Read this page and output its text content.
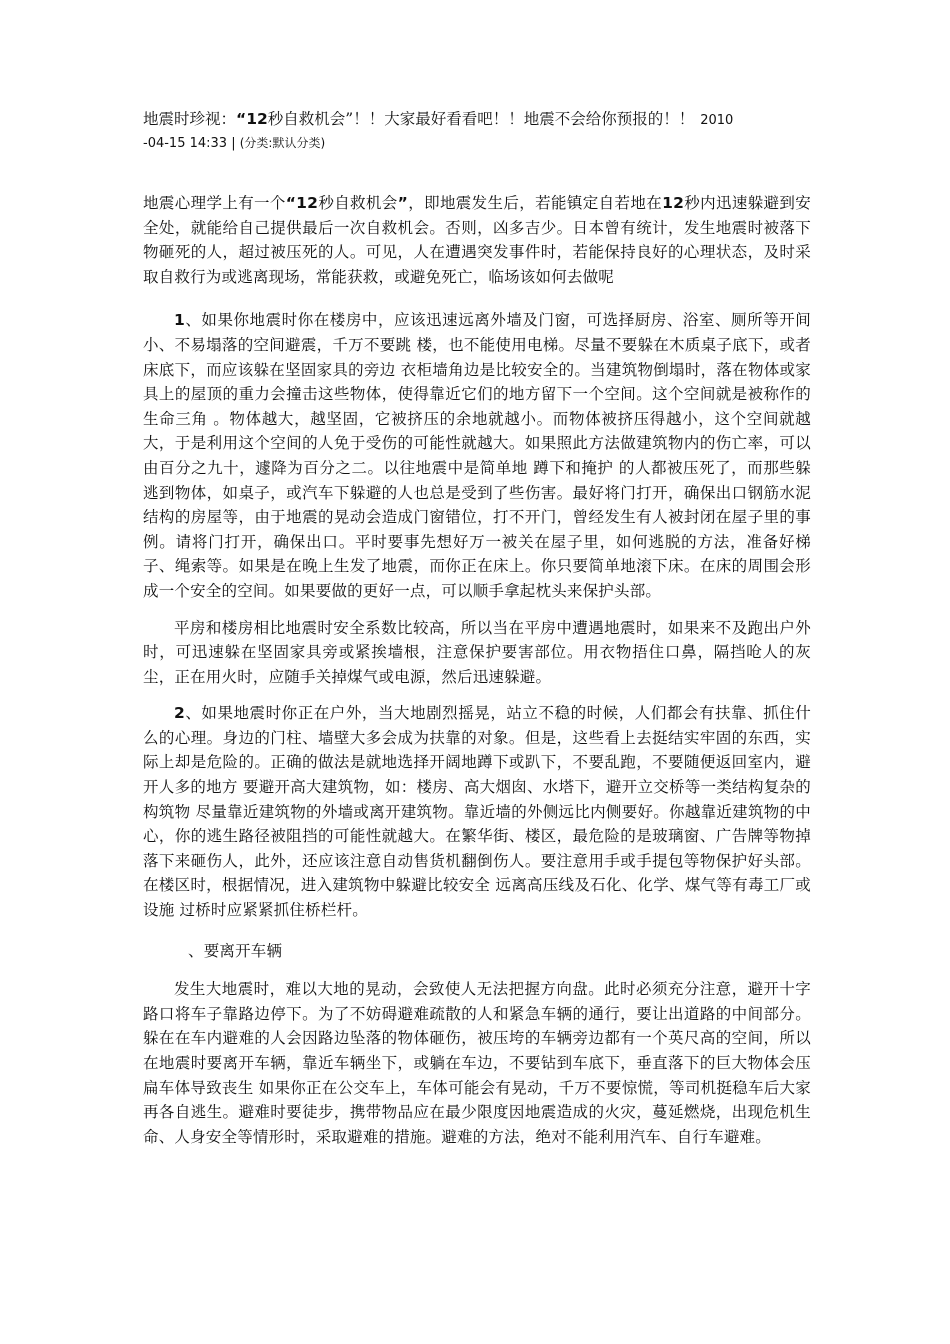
地震时珍视：“12秒自救机会”！！大家最好看看吧！！地震不会给你预报的！！ 2010

-04-15 14:33 | (分类:默认分类)

地震心理学上有一个“12秒自救机会”，即地震发生后，若能镇定自若地在12秒内迅速躲避到安全处，就能给自己提供最后一次自救机会。否则，凶多吉少。日本曾有统计，发生地震时被落下物砸死的人，超过被压死的人。可见，人在遭遇突发事件时，若能保持良好的心理状态，及时采取自救行为或逃离现场，常能获救，或避免死亡，临场该如何去做呢

1、如果你地震时你在楼房中，应该迅速远离外墙及门窗，可选择厨房、浴室、厕所等开间小、不易塌落的空间避震，千万不要跳 楼，也不能使用电梯。尽量不要躲在木质桌子底下，或者床底下，而应该躲在坚固家具的旁边 衣柜墙角边是比较安全的。当建筑物倒塌时，落在物体或家具上的屋顶的重力会撞击这些物体，使得靠近它们的地方留下一个空间。这个空间就是被称作的 生命三角 。物体越大，越坚固，它被挤压的余地就越小。而物体被挤压得越小，这个空间就越大，于是利用这个空间的人免于受伤的可能性就越大。如果照此方法做建筑物内的伤亡率，可以由百分之九十，遽降为百分之二。以往地震中是简单地 蹲下和掩护 的人都被压死了，而那些躲逃到物体，如桌子，或汽车下躲避的人也总是受到了些伤害。最好将门打开，确保出口钢筋水泥结构的房屋等，由于地震的晃动会造成门窗错位，打不开门，曾经发生有人被封闭在屋子里的事例。请将门打开，确保出口。平时要事先想好万一被关在屋子里，如何逃脱的方法，准备好梯子、绳索等。如果是在晚上生发了地震，而你正在床上。你只要简单地滚下床。在床的周围会形成一个安全的空间。如果要做的更好一点，可以顺手拿起枕头来保护头部。

平房和楼房相比地震时安全系数比较高，所以当在平房中遭遇地震时，如果来不及跑出户外时，可迅速躲在坚固家具旁或紧挨墙根，注意保护要害部位。用衣物捂住口鼻，隔挡呛人的灰尘，正在用火时，应随手关掉煤气或电源，然后迅速躲避。

2、如果地震时你正在户外，当大地剧烈摇晃，站立不稳的时候，人们都会有扶靠、抓住什么的心理。身边的门柱、墙壁大多会成为扶靠的对象。但是，这些看上去挺结实牢固的东西，实际上却是危险的。正确的做法是就地选择开阔地蹲下或趴下，不要乱跑，不要随便返回室内，避开人多的地方 要避开高大建筑物，如：楼房、高大烟囱、水塔下，避开立交桥等一类结构复杂的构筑物 尽量靠近建筑物的外墙或离开建筑物。靠近墙的外侧远比内侧要好。你越靠近建筑物的中心，你的逃生路径被阻挡的可能性就越大。在繁华街、楼区，最危险的是玻璃窗、广告牌等物掉落下来砸伤人，此外，还应该注意自动售货机翻倒伤人。要注意用手或手提包等物保护好头部。在楼区时，根据情况，进入建筑物中躲避比较安全 远离高压线及石化、化学、煤气等有毒工厂或设施 过桥时应紧紧抓住桥栏杆。

、要离开车辆

发生大地震时，难以大地的晃动，会致使人无法把握方向盘。此时必须充分注意，避开十字路口将车子靠路边停下。为了不妨碍避难疏散的人和紧急车辆的通行，要让出道路的中间部分。躲在在车内避难的人会因路边坠落的物体砸伤，被压垮的车辆旁边都有一个英尺高的空间，所以在地震时要离开车辆，靠近车辆坐下，或躺在车边，不要钻到车底下，垂直落下的巨大物体会压扁车体导致丧生 如果你正在公交车上，车体可能会有晃动，千万不要惊慌，等司机挺稳车后大家再各自逃生。避难时要徒步，携带物品应在最少限度因地震造成的火灾，蔓延燃烧，出现危机生命、人身安全等情形时，采取避难的措施。避难的方法，绝对不能利用汽车、自行车避难。
